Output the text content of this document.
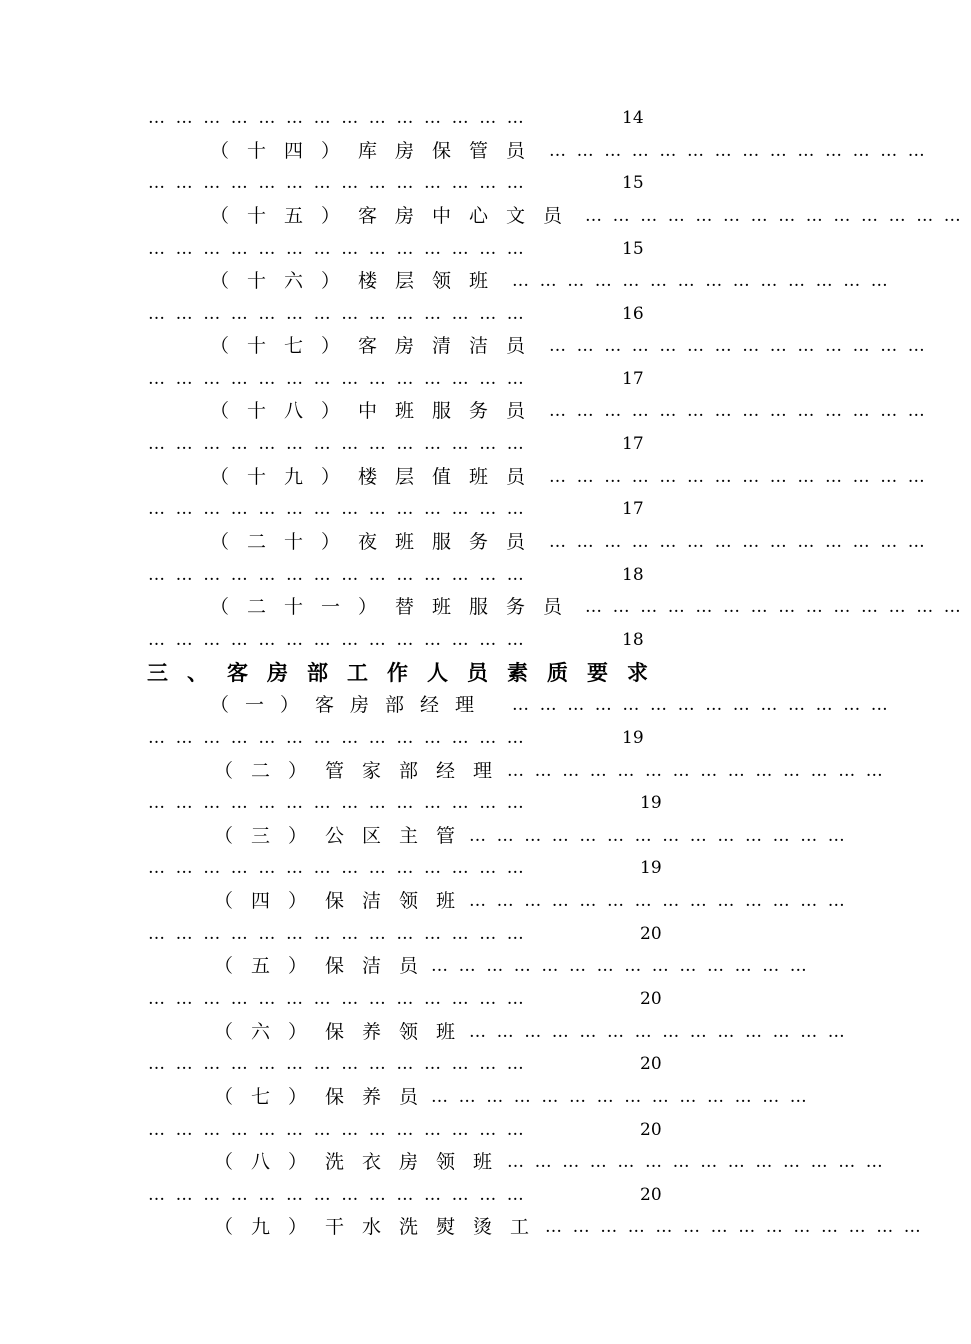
……………………………………	14
（十四）库房保管员 ……………………………………
……………………………………	15
（十五）客房中心文员 ……………………………………
……………………………………	15
（十六）楼层领班 ……………………………………
……………………………………	16
（十七）客房清洁员 ……………………………………
……………………………………	17
（十八）中班服务员 ……………………………………
……………………………………	17
（十九）楼层值班员 ……………………………………
……………………………………	17
（二十）夜班服务员 ……………………………………
……………………………………	18
（二十一）替班服务员 ……………………………………
……………………………………	18
三、客房部工作人员素质要求
（一）客房部经理 ……………………………………
……………………………………	19
（二）管家部经理
……………………………………
……………………………………	19
（三）公区主管
……………………………………
……………………………………	19
（四）保洁领班
……………………………………
……………………………………	20
（五）保洁员
……………………………………
……………………………………	20
（六）保养领班
……………………………………
……………………………………	20
（七）保养员
……………………………………
……………………………………	20
（八）洗衣房领班
……………………………………
……………………………………	20
（九）干水洗熨烫工
……………………………………
